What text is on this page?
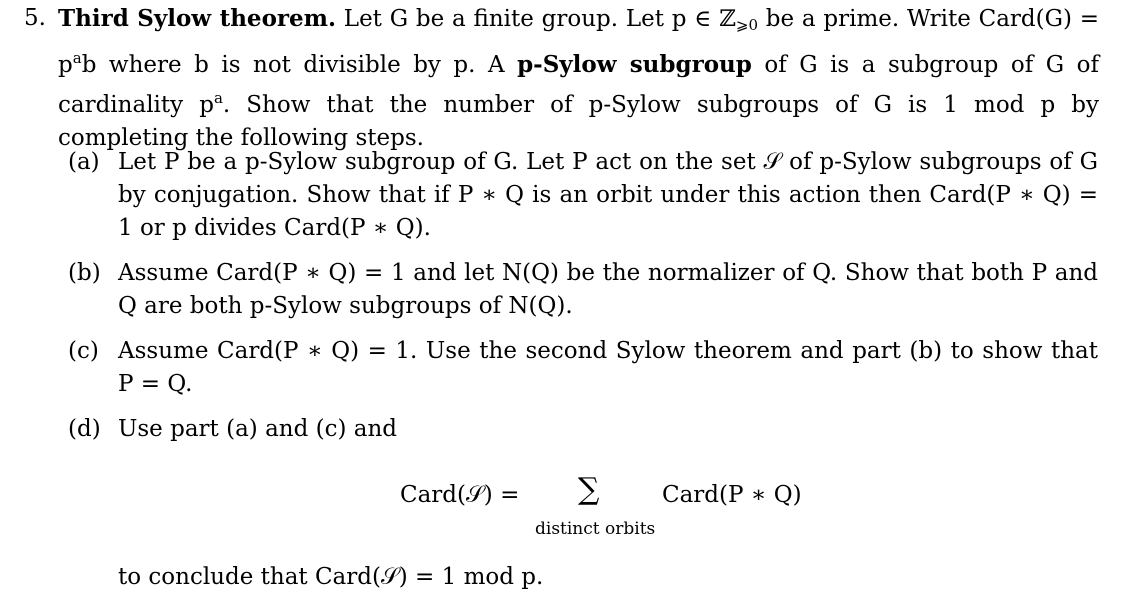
5. Third Sylow theorem. Let G be a finite group. Let p ∈ ℤ$_{⩾0}$ be a prime. Write Card(G) = $p^ab$ where b is not divisible by p. A p-Sylow subgroup of G is a subgroup of G of cardinality $p^a$. Show that the number of p-Sylow subgroups of G is 1 mod p by completing the following steps.
(a) Let P be a p-Sylow subgroup of G. Let P act on the set 𝒮 of p-Sylow subgroups of G by conjugation. Show that if P ∗ Q is an orbit under this action then Card(P ∗ Q) = 1 or p divides Card(P ∗ Q).
(b) Assume Card(P ∗ Q) = 1 and let N(Q) be the normalizer of Q. Show that both P and Q are both p-Sylow subgroups of N(Q).
(c) Assume Card(P ∗ Q) = 1. Use the second Sylow theorem and part (b) to show that P = Q.
(d) Use part (a) and (c) and
Card(𝒮) = ∑
distinct orbits
Card(P ∗ Q)
to conclude that Card(𝒮) = 1 mod p.
